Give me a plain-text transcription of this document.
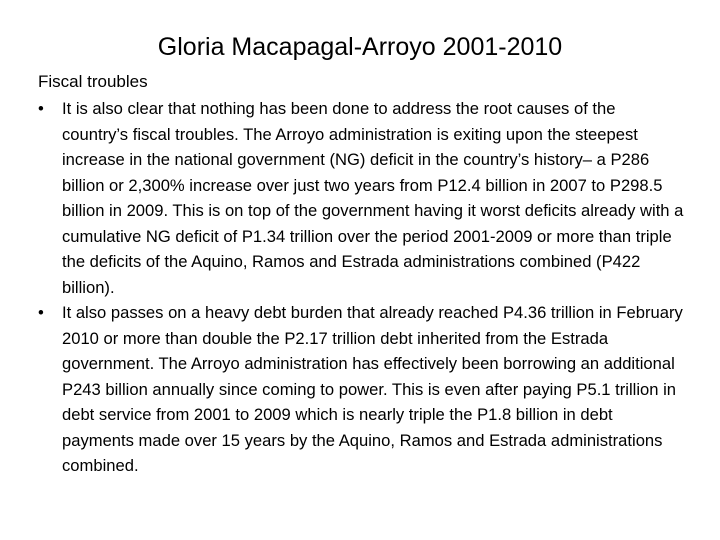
Gloria Macapagal-Arroyo 2001-2010

Fiscal troubles

•	It is also clear that nothing has been done to address the root causes of the country’s fiscal troubles. The Arroyo administration is exiting upon the steepest increase in the national government (NG) deficit in the country’s history– a P286 billion or 2,300% increase over just two years from P12.4 billion in 2007 to P298.5 billion in 2009. This is on top of the government having it worst deficits already with a cumulative NG deficit of P1.34 trillion over the period 2001-2009 or more than triple the deficits of the Aquino, Ramos and Estrada administrations combined (P422 billion).
•	It also passes on a heavy debt burden that already reached P4.36 trillion in February 2010 or more than double the P2.17 trillion debt inherited from the Estrada government. The Arroyo administration has effectively been borrowing an additional P243 billion annually since coming to power. This is even after paying P5.1 trillion in debt service from 2001 to 2009 which is nearly triple the P1.8 billion in debt payments made over 15 years by the Aquino, Ramos and Estrada administrations combined.
